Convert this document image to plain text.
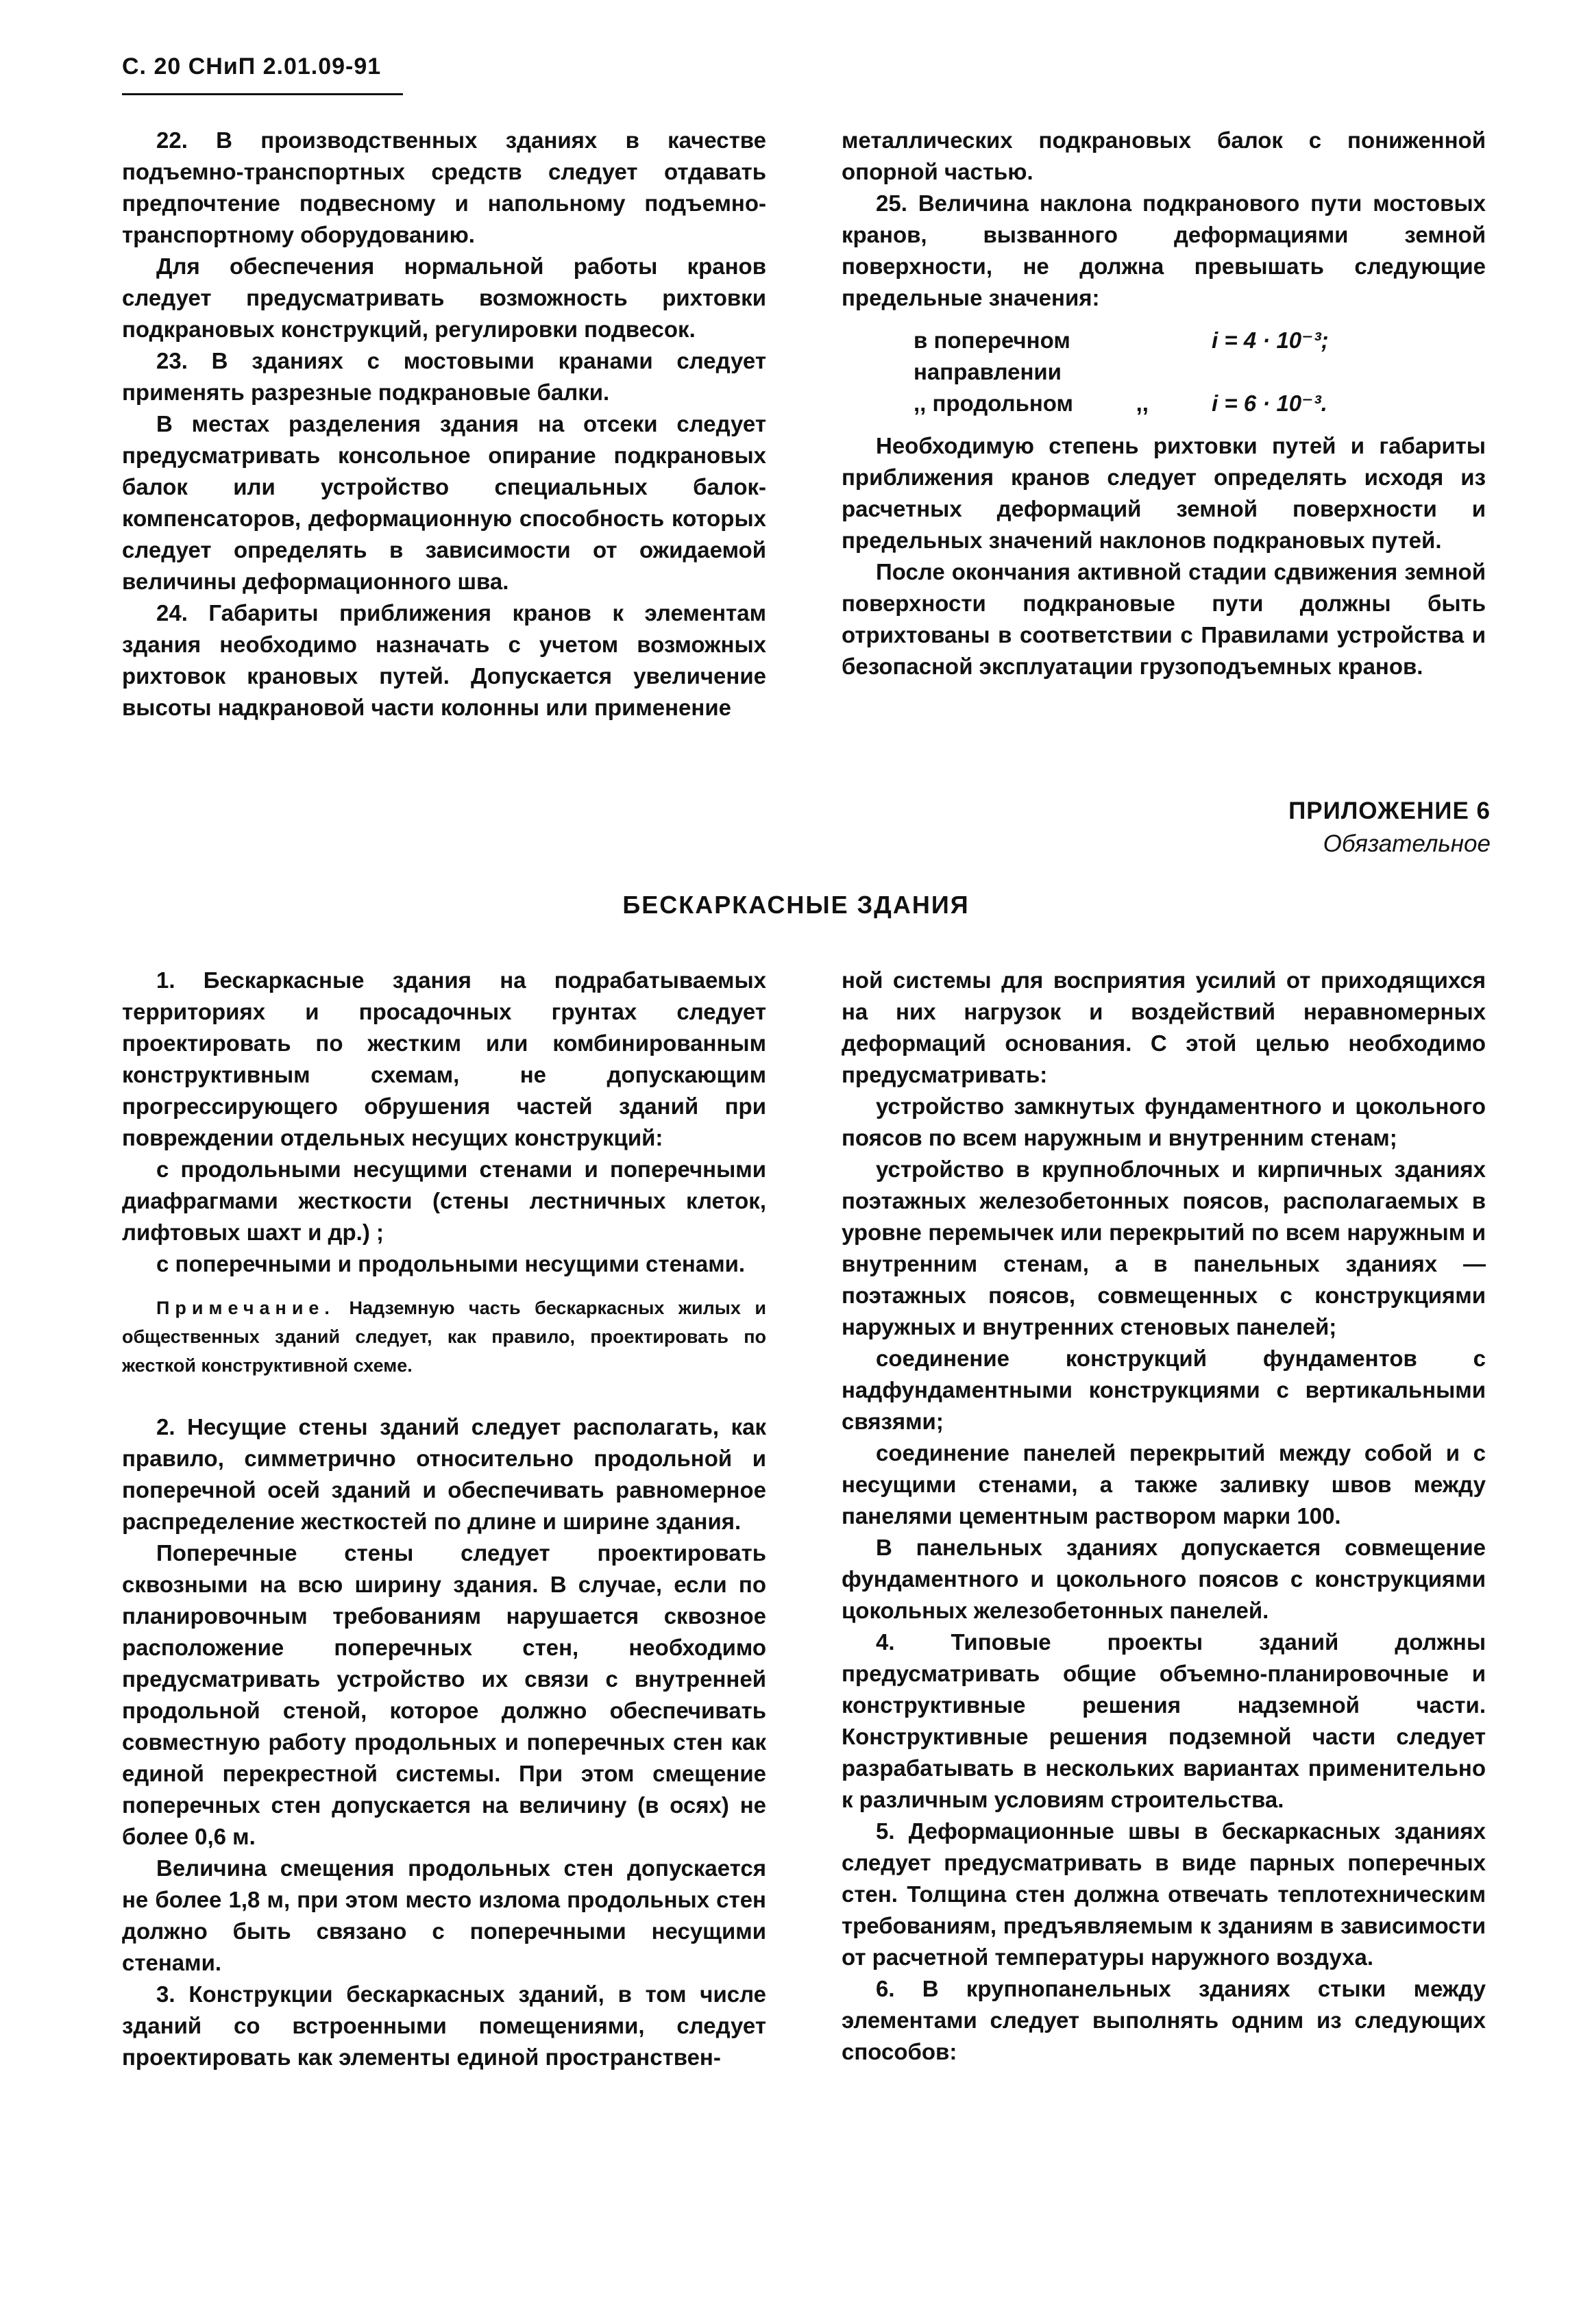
С. 20 СНиП 2.01.09-91

22. В производственных зданиях в качестве подъемно-транспортных средств следует отдавать предпочтение подвесному и напольному подъемно-транспортному оборудованию.

Для обеспечения нормальной работы кранов следует предусматривать возможность рихтовки подкрановых конструкций, регулировки подвесок.

23. В зданиях с мостовыми кранами следует применять разрезные подкрановые балки.

В местах разделения здания на отсеки следует предусматривать консольное опирание подкрановых балок или устройство специальных балок-компенсаторов, деформационную способность которых следует определять в зависимости от ожидаемой величины деформационного шва.

24. Габариты приближения кранов к элементам здания необходимо назначать с учетом возможных рихтовок крановых путей. Допускается увеличение высоты надкрановой части колонны или применение

металлических подкрановых балок с пониженной опорной частью.

25. Величина наклона подкранового пути мостовых кранов, вызванного деформациями земной поверхности, не должна превышать следующие предельные значения:

в поперечном направлении
i = 4 · 10⁻³;
,, продольном          ,,	i = 6 · 10⁻³.

Необходимую степень рихтовки путей и габариты приближения кранов следует определять исходя из расчетных деформаций земной поверхности и предельных значений наклонов подкрановых путей.

После окончания активной стадии сдвижения земной поверхности подкрановые пути должны быть отрихтованы в соответствии с Правилами устройства и безопасной эксплуатации грузоподъемных кранов.

ПРИЛОЖЕНИЕ 6
Обязательное
БЕСКАРКАСНЫЕ ЗДАНИЯ

1. Бескаркасные здания на подрабатываемых территориях и просадочных грунтах следует проектировать по жестким или комбинированным конструктивным схемам, не допускающим прогрессирующего обрушения частей зданий при повреждении отдельных несущих конструкций:

с продольными несущими стенами и поперечными диафрагмами жесткости (стены лестничных клеток, лифтовых шахт и др.) ;

с поперечными и продольными несущими стенами.

Примечание. Надземную часть бескаркасных жилых и общественных зданий следует, как правило, проектировать по жесткой конструктивной схеме.

2. Несущие стены зданий следует располагать, как правило, симметрично относительно продольной и поперечной осей зданий и обеспечивать равномерное распределение жесткостей по длине и ширине здания.

Поперечные стены следует проектировать сквозными на всю ширину здания. В случае, если по планировочным требованиям нарушается сквозное расположение поперечных стен, необходимо предусматривать устройство их связи с внутренней продольной стеной, которое должно обеспечивать совместную работу продольных и поперечных стен как единой перекрестной системы. При этом смещение поперечных стен допускается на величину (в осях) не более 0,6 м.

Величина смещения продольных стен допускается не более 1,8 м, при этом место излома продольных стен должно быть связано с поперечными несущими стенами.

3. Конструкции бескаркасных зданий, в том числе зданий со встроенными помещениями, следует проектировать как элементы единой пространствен-

ной системы для восприятия усилий от приходящихся на них нагрузок и воздействий неравномерных деформаций основания. С этой целью необходимо предусматривать:

устройство замкнутых фундаментного и цокольного поясов по всем наружным и внутренним стенам;

устройство в крупноблочных и кирпичных зданиях поэтажных железобетонных поясов, располагаемых в уровне перемычек или перекрытий по всем наружным и внутренним стенам, а в панельных зданиях — поэтажных поясов, совмещенных с конструкциями наружных и внутренних стеновых панелей;

соединение конструкций фундаментов с надфундаментными конструкциями с вертикальными связями;

соединение панелей перекрытий между собой и с несущими стенами, а также заливку швов между панелями цементным раствором марки 100.

В панельных зданиях допускается совмещение фундаментного и цокольного поясов с конструкциями цокольных железобетонных панелей.

4. Типовые проекты зданий должны предусматривать общие объемно-планировочные и конструктивные решения надземной части. Конструктивные решения подземной части следует разрабатывать в нескольких вариантах применительно к различным условиям строительства.

5. Деформационные швы в бескаркасных зданиях следует предусматривать в виде парных поперечных стен. Толщина стен должна отвечать теплотехническим требованиям, предъявляемым к зданиям в зависимости от расчетной температуры наружного воздуха.

6. В крупнопанельных зданиях стыки между элементами следует выполнять одним из следующих способов:
